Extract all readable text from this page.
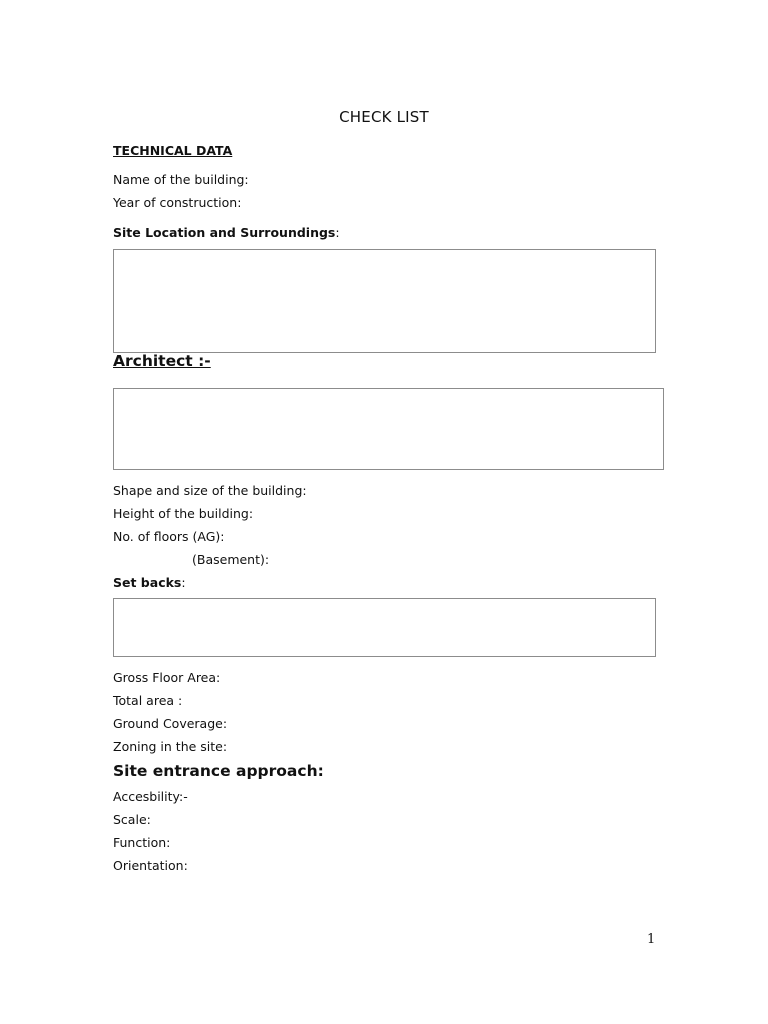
CHECK LIST
TECHNICAL DATA
Name of the building:
Year of construction:
Site Location and Surroundings:
Architect :-
Shape and size of the building:
Height of the building:
No. of floors (AG):
(Basement):
Set backs:
Gross Floor Area:
Total area :
Ground Coverage:
Zoning in the site:
Site entrance approach:
Accesbility:-
Scale:
Function:
Orientation:
1
